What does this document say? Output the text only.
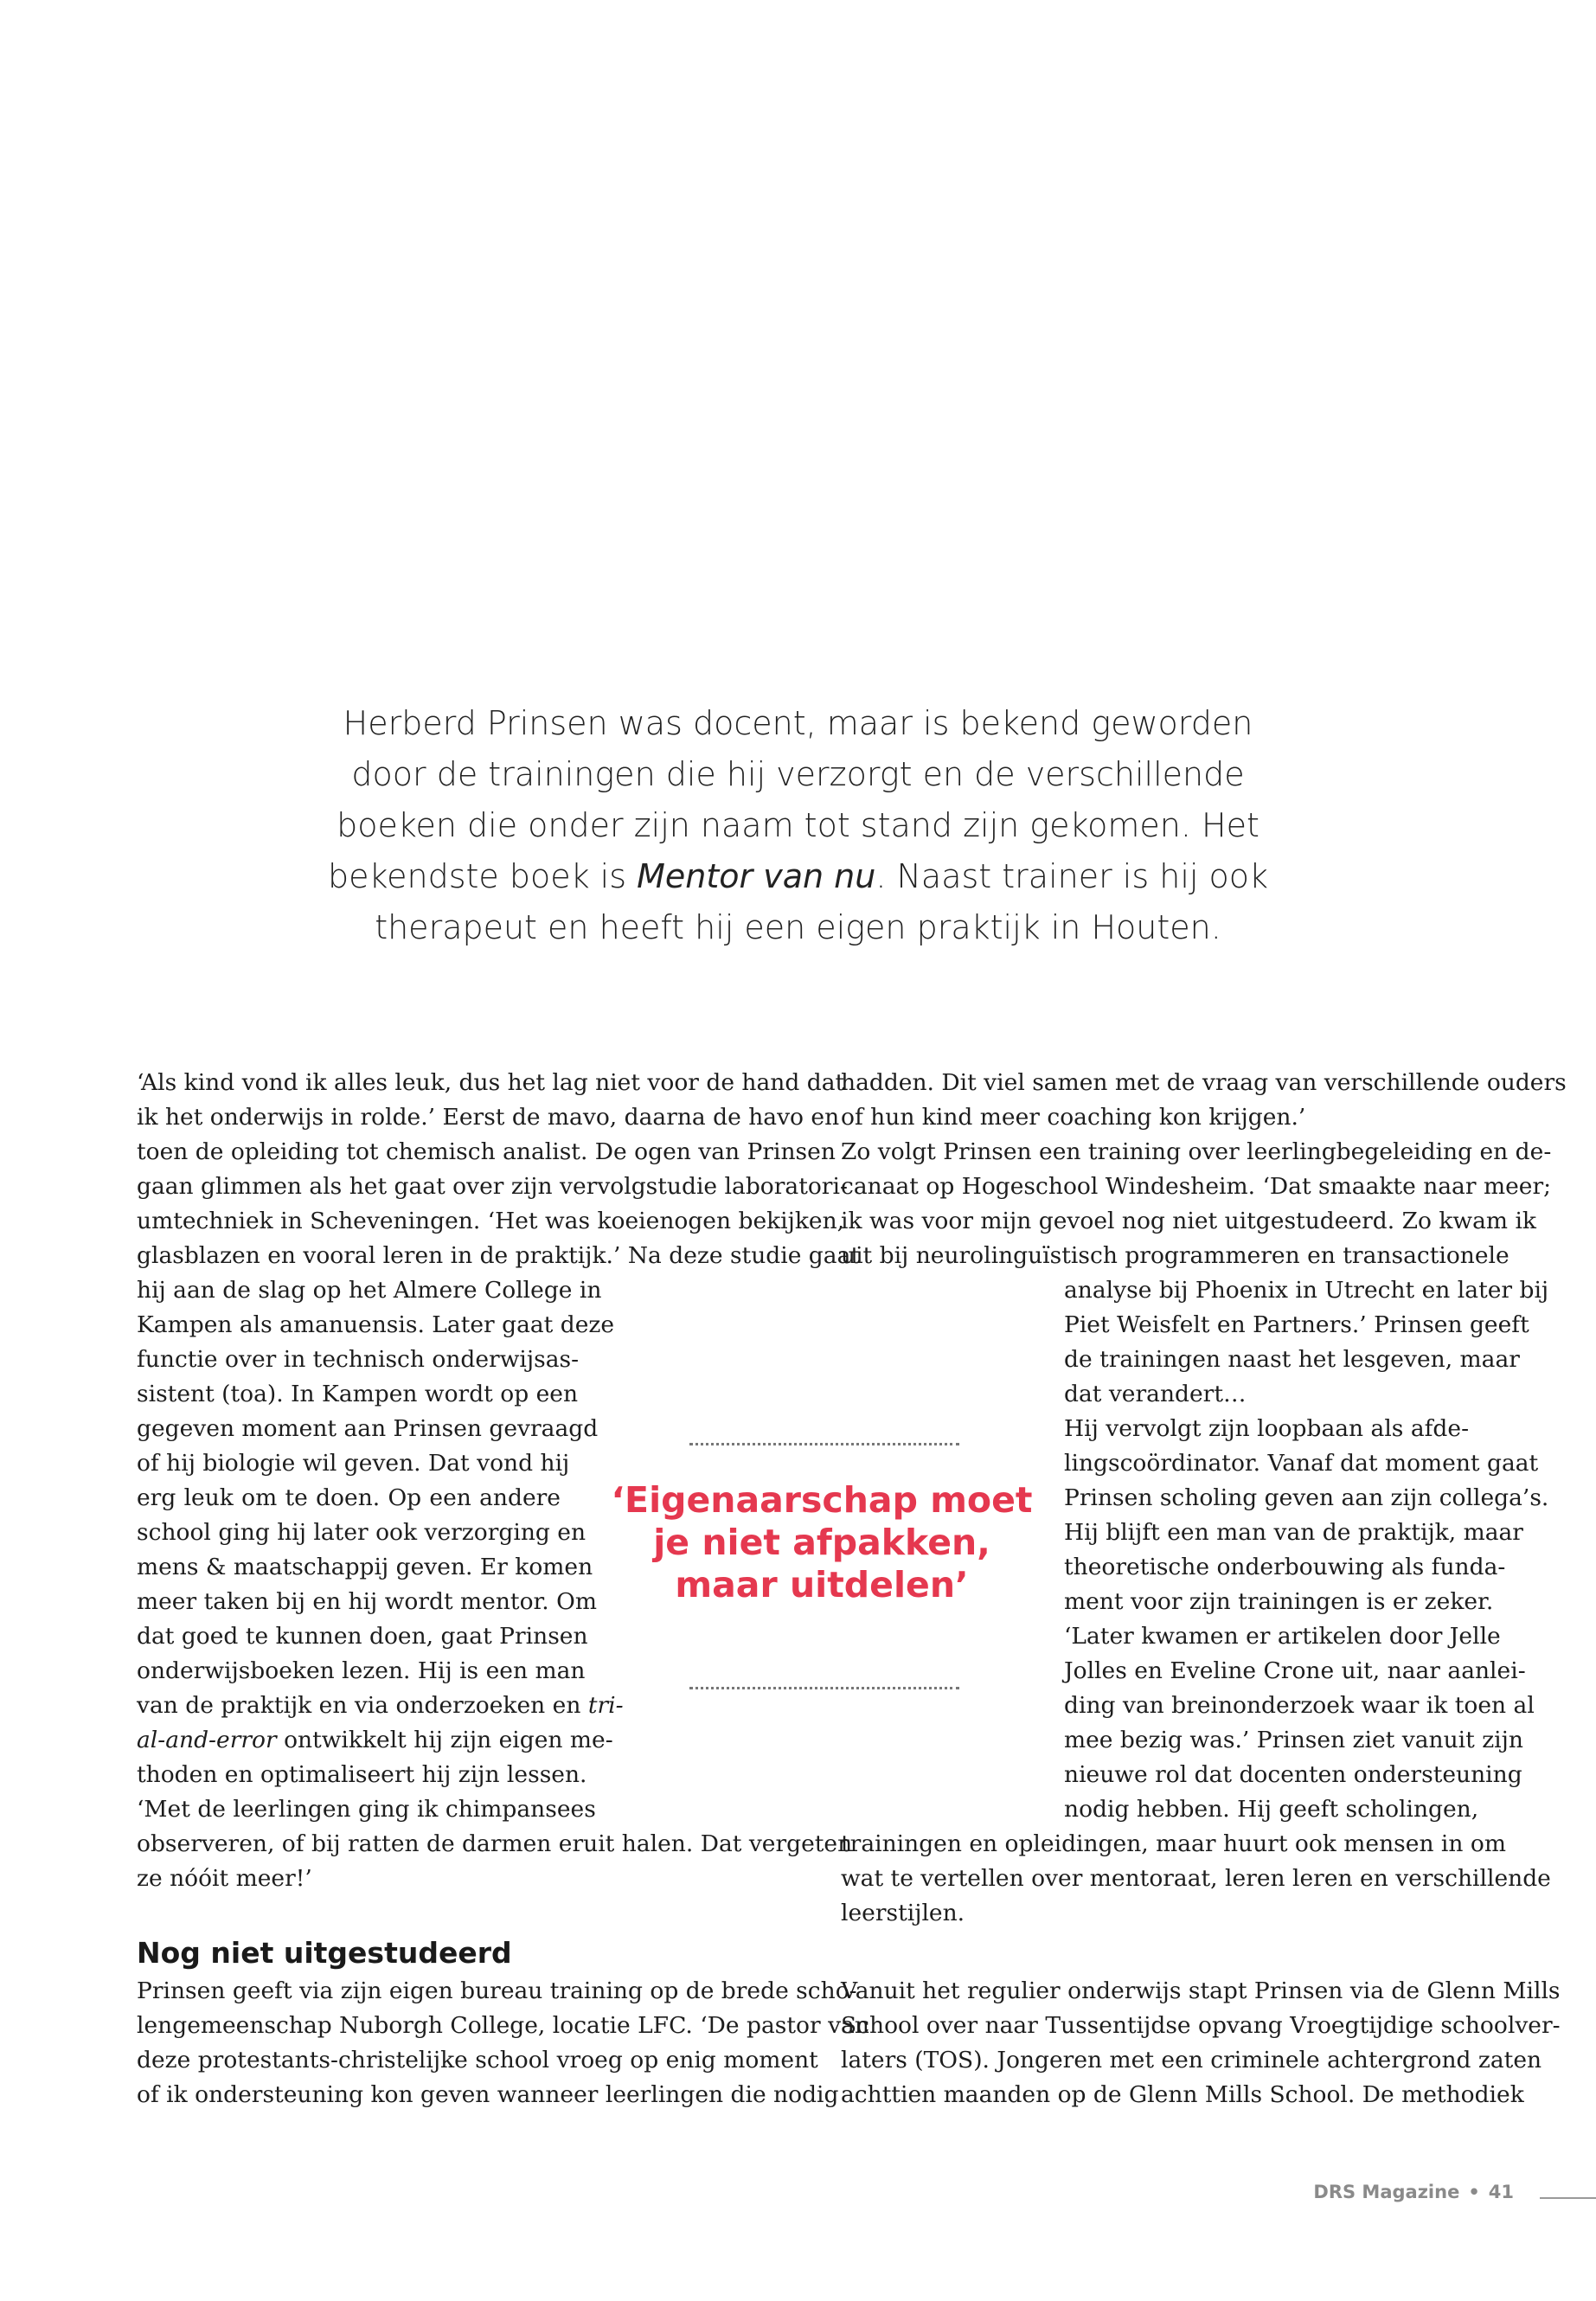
Herberd Prinsen was docent, maar is bekend geworden
door de trainingen die hij verzorgt en de verschillende
boeken die onder zijn naam tot stand zijn gekomen. Het
bekendste boek is Mentor van nu. Naast trainer is hij ook
therapeut en heeft hij een eigen praktijk in Houten.
‘Als kind vond ik alles leuk, dus het lag niet voor de hand dat
ik het onderwijs in rolde.’ Eerst de mavo, daarna de havo en
toen de opleiding tot chemisch analist. De ogen van Prinsen
gaan glimmen als het gaat over zijn vervolgstudie laboratori-
umtechniek in Scheveningen. ‘Het was koeienogen bekijken,
glasblazen en vooral leren in de praktijk.’ Na deze studie gaat
hij aan de slag op het Almere College in
Kampen als amanuensis. Later gaat deze
functie over in technisch onderwijsas-
sistent (toa). In Kampen wordt op een
gegeven moment aan Prinsen gevraagd
of hij biologie wil geven. Dat vond hij
erg leuk om te doen. Op een andere
school ging hij later ook verzorging en
mens & maatschappij geven. Er komen
meer taken bij en hij wordt mentor. Om
dat goed te kunnen doen, gaat Prinsen
onderwijsboeken lezen. Hij is een man
van de praktijk en via onderzoeken en tri-
al-and-error ontwikkelt hij zijn eigen me-
thoden en optimaliseert hij zijn lessen.
‘Met de leerlingen ging ik chimpansees
observeren, of bij ratten de darmen eruit halen. Dat vergeten
ze nóóit meer!’
Nog niet uitgestudeerd
Prinsen geeft via zijn eigen bureau training op de brede scho-
lengemeenschap Nuborgh College, locatie LFC. ‘De pastor van
deze protestants-christelijke school vroeg op enig moment
of ik ondersteuning kon geven wanneer leerlingen die nodig
‘Eigenaarschap moet
je niet afpakken,
maar uitdelen’
hadden. Dit viel samen met de vraag van verschillende ouders
of hun kind meer coaching kon krijgen.’
Zo volgt Prinsen een training over leerlingbegeleiding en de-
canaat op Hogeschool Windesheim. ‘Dat smaakte naar meer;
ik was voor mijn gevoel nog niet uitgestudeerd. Zo kwam ik
uit bij neurolinguïstisch programmeren en transactionele
analyse bij Phoenix in Utrecht en later bij
Piet Weisfelt en Partners.’ Prinsen geeft
de trainingen naast het lesgeven, maar
dat verandert…
Hij vervolgt zijn loopbaan als afde-
lingscoördinator. Vanaf dat moment gaat
Prinsen scholing geven aan zijn collega’s.
Hij blijft een man van de praktijk, maar
theoretische onderbouwing als funda-
ment voor zijn trainingen is er zeker.
‘Later kwamen er artikelen door Jelle
Jolles en Eveline Crone uit, naar aanlei-
ding van breinonderzoek waar ik toen al
mee bezig was.’ Prinsen ziet vanuit zijn
nieuwe rol dat docenten ondersteuning
nodig hebben. Hij geeft scholingen,
trainingen en opleidingen, maar huurt ook mensen in om
wat te vertellen over mentoraat, leren leren en verschillende
leerstijlen.
Vanuit het regulier onderwijs stapt Prinsen via de Glenn Mills
School over naar Tussentijdse opvang Vroegtijdige schoolver-
laters (TOS). Jongeren met een criminele achtergrond zaten
achttien maanden op de Glenn Mills School. De methodiek
DRS Magazine • 41
